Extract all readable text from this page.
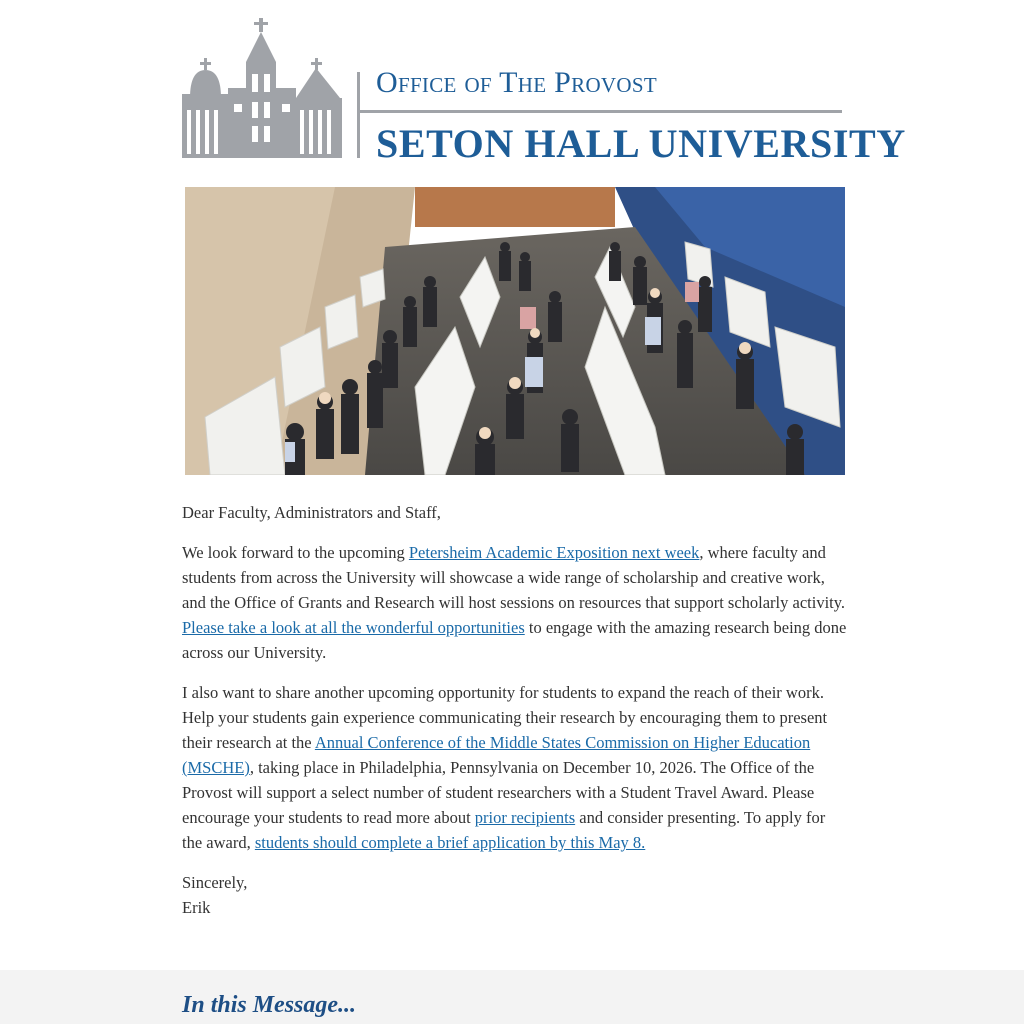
Office of The Provost
SETON HALL UNIVERSITY

Dear Faculty, Administrators and Staff,

We look forward to the upcoming Petersheim Academic Exposition next week, where faculty and students from across the University will showcase a wide range of scholarship and creative work, and the Office of Grants and Research will host sessions on resources that support scholarly activity. Please take a look at all the wonderful opportunities to engage with the amazing research being done across our University.

I also want to share another upcoming opportunity for students to expand the reach of their work. Help your students gain experience communicating their research by encouraging them to present their research at the Annual Conference of the Middle States Commission on Higher Education (MSCHE), taking place in Philadelphia, Pennsylvania on December 10, 2026. The Office of the Provost will support a select number of student researchers with a Student Travel Award. Please encourage your students to read more about prior recipients and consider presenting. To apply for the award, students should complete a brief application by this May 8.

Sincerely,
Erik

In this Message...
